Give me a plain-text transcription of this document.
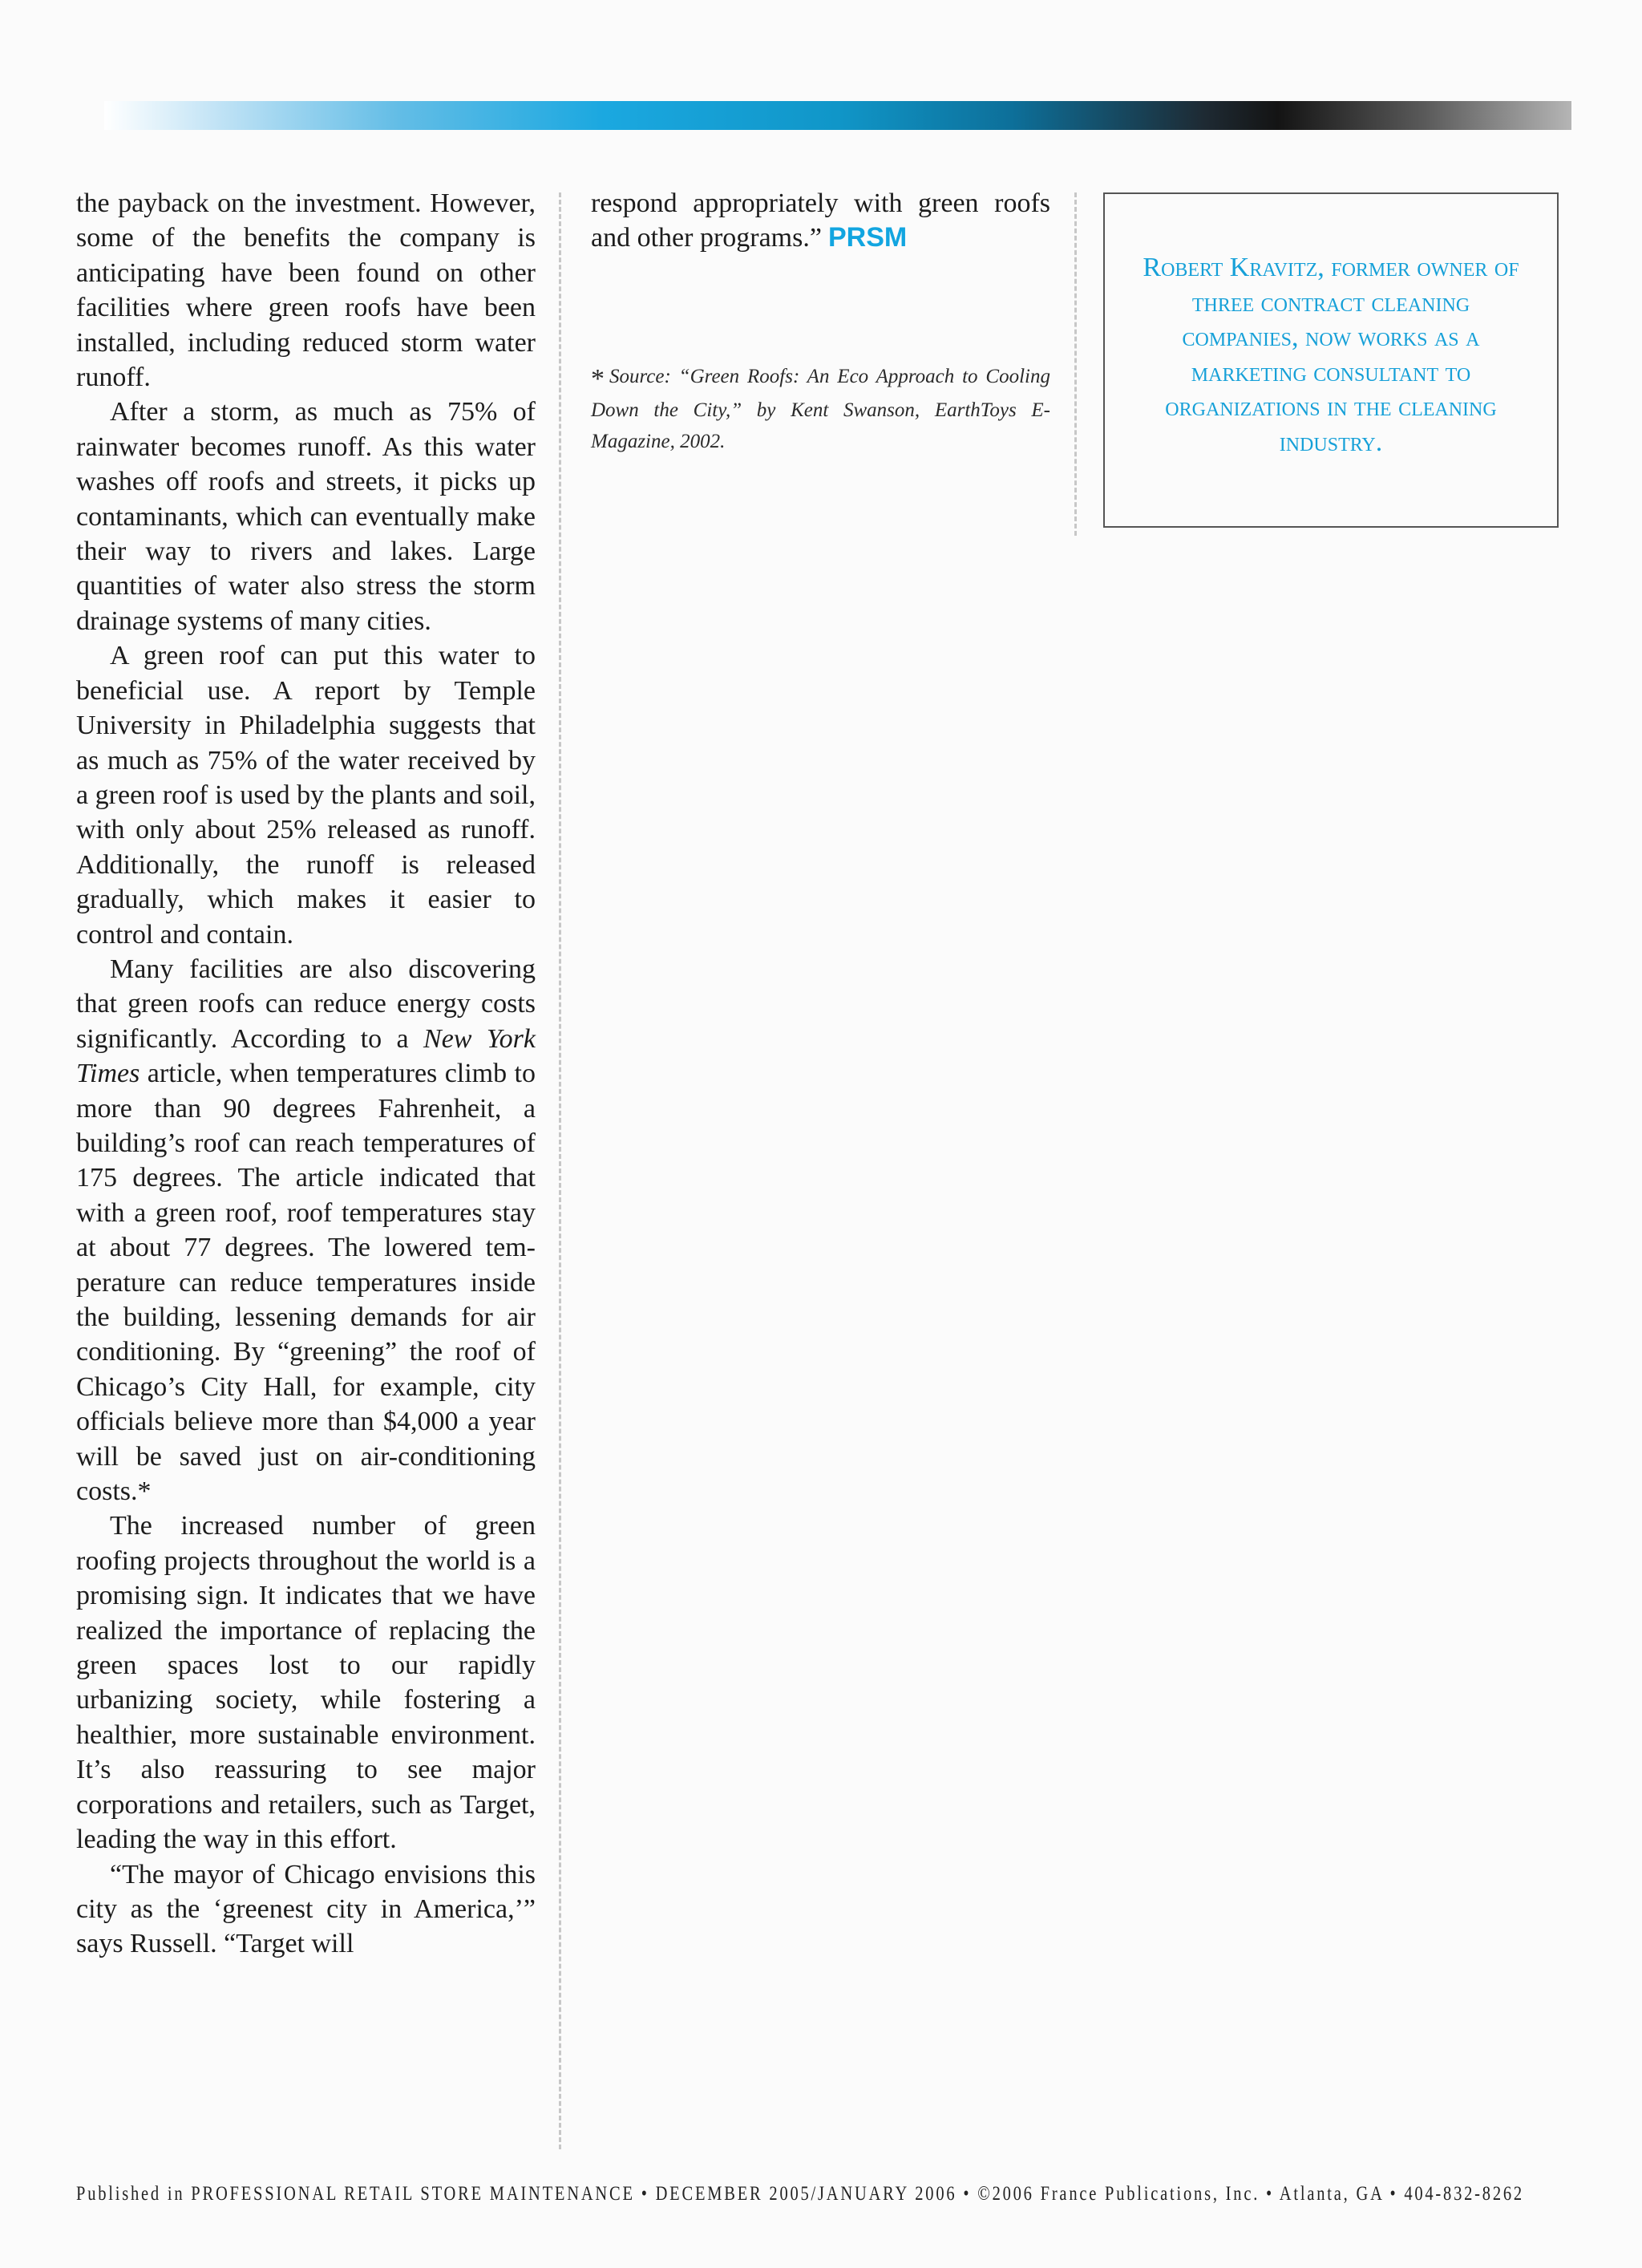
the payback on the investment. However, some of the benefits the company is anticipating have been found on other facilities where green roofs have been installed, including reduced storm water runoff.

After a storm, as much as 75% of rainwater becomes runoff. As this water washes off roofs and streets, it picks up contaminants, which can eventually make their way to rivers and lakes. Large quantities of water also stress the storm drainage systems of many cities.

A green roof can put this water to beneficial use. A report by Temple University in Philadelphia suggests that as much as 75% of the water received by a green roof is used by the plants and soil, with only about 25% released as runoff. Additionally, the runoff is released gradually, which makes it easier to control and contain.

Many facilities are also discovering that green roofs can reduce energy costs significantly. According to a New York Times article, when temperatures climb to more than 90 degrees Fahrenheit, a building’s roof can reach temperatures of 175 degrees. The article indicated that with a green roof, roof temperatures stay at about 77 degrees. The lowered temperature can reduce temperatures inside the building, lessening demands for air conditioning. By “greening” the roof of Chicago’s City Hall, for example, city officials believe more than $4,000 a year will be saved just on air-conditioning costs.*

The increased number of green roofing projects throughout the world is a promising sign. It indicates that we have realized the importance of replacing the green spaces lost to our rapidly urbanizing society, while fostering a healthier, more sustainable environment. It’s also reassuring to see major corporations and retailers, such as Target, leading the way in this effort.

“The mayor of Chicago envisions this city as the ‘greenest city in America,’” says Russell. “Target will

respond appropriately with green roofs and other programs.” PRSM

* Source: “Green Roofs: An Eco Approach to Cooling Down the City,” by Kent Swanson, EarthToys E-Magazine, 2002.
Robert Kravitz, former owner of three contract cleaning companies, now works as a marketing consultant to organizations in the cleaning industry.
Published in PROFESSIONAL RETAIL STORE MAINTENANCE • DECEMBER 2005/JANUARY 2006 • ©2006 France Publications, Inc. • Atlanta, GA • 404-832-8262
